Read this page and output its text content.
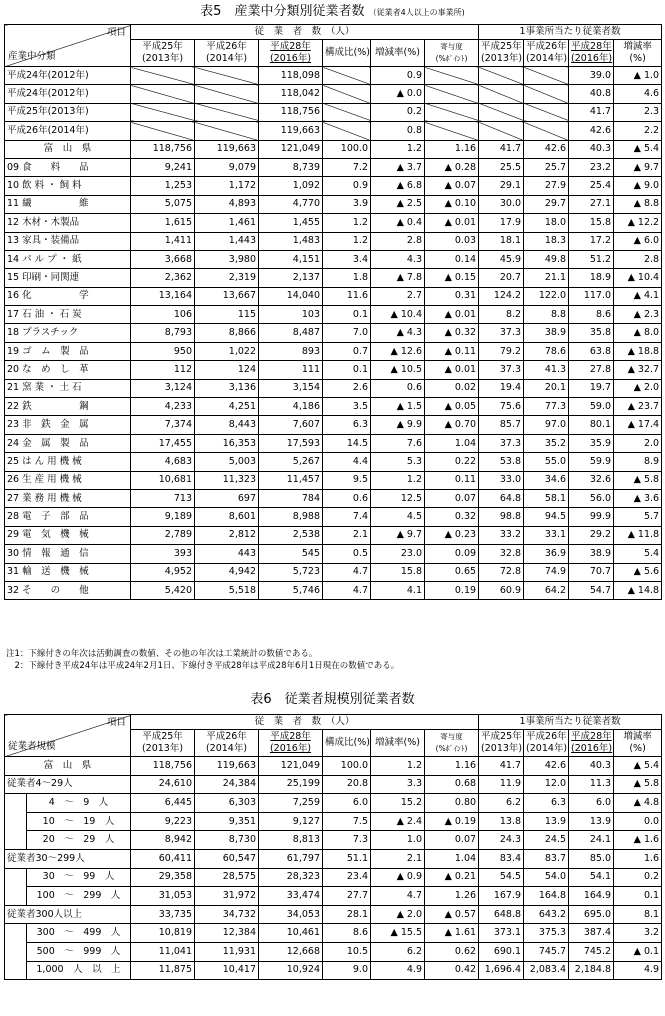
表5　産業中分類別従業者数 （従業者4人以上の事業所)
項目
産業中分類	従　業　者　数　（人）						1事業所当たり従業者数			
	平成25年
(2013年)	平成26年
(2014年)	平成28年
(2016年)	構成比(%)	増減率(%)	寄与度
(%ﾎﾟｲﾝﾄ)	平成25年
(2013年)	平成26年
(2014年)	平成28年
(2016年)	増減率
(%)
平成24年(2012年)			118,098		0.9				39.0	▲ 1.0
平成24年(2012年)			118,042		▲ 0.0				40.8	4.6
平成25年(2013年)			118,756		0.2				41.7	2.3
平成26年(2014年)			119,663		0.8				42.6	2.2
富　山　県	118,756	119,663	121,049	100.0	1.2	1.16	41.7	42.6	40.3	▲ 5.4
09 食　　料　　品	9,241	9,079	8,739	7.2	▲ 3.7	▲ 0.28	25.5	25.7	23.2	▲ 9.7
10 飲 料 ・ 飼 料	1,253	1,172	1,092	0.9	▲ 6.8	▲ 0.07	29.1	27.9	25.4	▲ 9.0
11 繊　　　　　維	5,075	4,893	4,770	3.9	▲ 2.5	▲ 0.10	30.0	29.7	27.1	▲ 8.8
12 木材・木製品	1,615	1,461	1,455	1.2	▲ 0.4	▲ 0.01	17.9	18.0	15.8	▲ 12.2
13 家具・装備品	1,411	1,443	1,483	1.2	2.8	0.03	18.1	18.3	17.2	▲ 6.0
14 パ ル プ ・ 紙	3,668	3,980	4,151	3.4	4.3	0.14	45.9	49.8	51.2	2.8
15 印刷・同関連	2,362	2,319	2,137	1.8	▲ 7.8	▲ 0.15	20.7	21.1	18.9	▲ 10.4
16 化　　　　　学	13,164	13,667	14,040	11.6	2.7	0.31	124.2	122.0	117.0	▲ 4.1
17 石 油 ・ 石 炭	106	115	103	0.1	▲ 10.4	▲ 0.01	8.2	8.8	8.6	▲ 2.3
18 プラスチック	8,793	8,866	8,487	7.0	▲ 4.3	▲ 0.32	37.3	38.9	35.8	▲ 8.0
19 ゴ　ム　製　品	950	1,022	893	0.7	▲ 12.6	▲ 0.11	79.2	78.6	63.8	▲ 18.8
20 な　め　し　革	112	124	111	0.1	▲ 10.5	▲ 0.01	37.3	41.3	27.8	▲ 32.7
21 窯 業 ・ 土 石	3,124	3,136	3,154	2.6	0.6	0.02	19.4	20.1	19.7	▲ 2.0
22 鉄　　　　　鋼	4,233	4,251	4,186	3.5	▲ 1.5	▲ 0.05	75.6	77.3	59.0	▲ 23.7
23 非　鉄　金　属	7,374	8,443	7,607	6.3	▲ 9.9	▲ 0.70	85.7	97.0	80.1	▲ 17.4
24 金　属　製　品	17,455	16,353	17,593	14.5	7.6	1.04	37.3	35.2	35.9	2.0
25 は ん 用 機 械	4,683	5,003	5,267	4.4	5.3	0.22	53.8	55.0	59.9	8.9
26 生 産 用 機 械	10,681	11,323	11,457	9.5	1.2	0.11	33.0	34.6	32.6	▲ 5.8
27 業 務 用 機 械	713	697	784	0.6	12.5	0.07	64.8	58.1	56.0	▲ 3.6
28 電　子　部　品	9,189	8,601	8,988	7.4	4.5	0.32	98.8	94.5	99.9	5.7
29 電　気　機　械	2,789	2,812	2,538	2.1	▲ 9.7	▲ 0.23	33.2	33.1	29.2	▲ 11.8
30 情　報　通　信	393	443	545	0.5	23.0	0.09	32.8	36.9	38.9	5.4
31 輸　送　機　械	4,952	4,942	5,723	4.7	15.8	0.65	72.8	74.9	70.7	▲ 5.6
32 そ　　の　　他	5,420	5,518	5,746	4.7	4.1	0.19	60.9	64.2	54.7	▲ 14.8
注1：下線付きの年次は活動調査の数値、その他の年次は工業統計の数値である。
　2：下線付き平成24年は平成24年2月1日、下線付き平成28年は平成28年6月1日現在の数値である。
表6　従業者規模別従業者数
項目
従業者規模		従　業　者　数　（人）						1事業所当たり従業者数			
		平成25年
(2013年)	平成26年
(2014年)	平成28年
(2016年)	構成比(%)	増減率(%)	寄与度
(%ﾎﾟｲﾝﾄ)	平成25年
(2013年)	平成26年
(2014年)	平成28年
(2016年)	増減率
(%)
富　山　県		118,756	119,663	121,049	100.0	1.2	1.16	41.7	42.6	40.3	▲ 5.4
従業者4～29人		24,610	24,384	25,199	20.8	3.3	0.68	11.9	12.0	11.3	▲ 5.8
	4　～　9　人	6,445	6,303	7,259	6.0	15.2	0.80	6.2	6.3	6.0	▲ 4.8
	10　～　19　人	9,223	9,351	9,127	7.5	▲ 2.4	▲ 0.19	13.8	13.9	13.9	0.0
	20　～　29　人	8,942	8,730	8,813	7.3	1.0	0.07	24.3	24.5	24.1	▲ 1.6
従業者30～299人		60,411	60,547	61,797	51.1	2.1	1.04	83.4	83.7	85.0	1.6
	30　～　99　人	29,358	28,575	28,323	23.4	▲ 0.9	▲ 0.21	54.5	54.0	54.1	0.2
	100　～　299　人	31,053	31,972	33,474	27.7	4.7	1.26	167.9	164.8	164.9	0.1
従業者300人以上		33,735	34,732	34,053	28.1	▲ 2.0	▲ 0.57	648.8	643.2	695.0	8.1
	300　～　499　人	10,819	12,384	10,461	8.6	▲ 15.5	▲ 1.61	373.1	375.3	387.4	3.2
	500　～　999　人	11,041	11,931	12,668	10.5	6.2	0.62	690.1	745.7	745.2	▲ 0.1
	1,000　人　以　上	11,875	10,417	10,924	9.0	4.9	0.42	1,696.4	2,083.4	2,184.8	4.9
